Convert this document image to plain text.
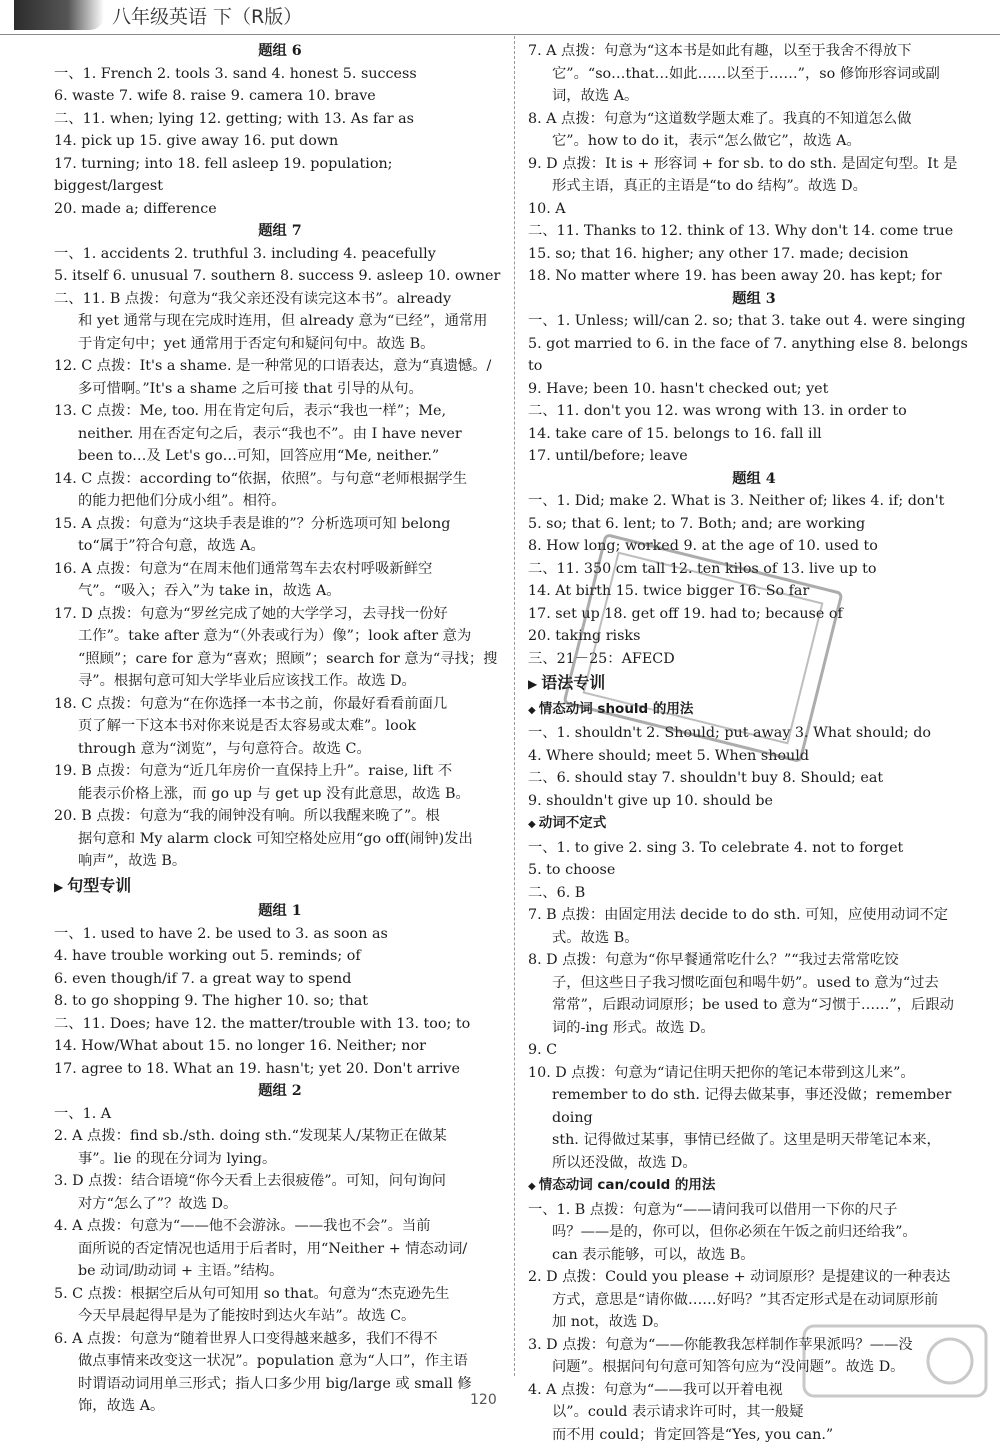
八年级英语 下（R版）
题组 6
一、1. French 2. tools 3. sand 4. honest 5. success
6. waste 7. wife 8. raise 9. camera 10. brave
二、11. when; lying 12. getting; with 13. As far as
14. pick up 15. give away 16. put down
17. turning; into 18. fell asleep 19. population; biggest/largest
20. made a; difference
题组 7
一、1. accidents 2. truthful 3. including 4. peacefully
5. itself 6. unusual 7. southern 8. success 9. asleep 10. owner
二、11. B 点拨：句意为“我父亲还没有读完这本书”。already
和 yet 通常与现在完成时连用，但 already 意为“已经”，通常用
于肯定句中；yet 通常用于否定句和疑问句中。故选 B。
12. C 点拨：It's a shame. 是一种常见的口语表达，意为“真遗憾。/
多可惜啊。”It's a shame 之后可接 that 引导的从句。
13. C 点拨：Me, too. 用在肯定句后，表示“我也一样”；Me,
neither. 用在否定句之后，表示“我也不”。由 I have never
been to…及 Let's go…可知，回答应用“Me, neither.”
14. C 点拨：according to“依据，依照”。与句意“老师根据学生
的能力把他们分成小组”。相符。
15. A 点拨：句意为“这块手表是谁的”？分析选项可知 belong
to“属于”符合句意，故选 A。
16. A 点拨：句意为“在周末他们通常驾车去农村呼吸新鲜空
气”。“吸入；吞入”为 take in，故选 A。
17. D 点拨：句意为“罗丝完成了她的大学学习，去寻找一份好
工作”。take after 意为“（外表或行为）像”；look after 意为
“照顾”；care for 意为“喜欢；照顾”；search for 意为“寻找；搜
寻”。根据句意可知大学毕业后应该找工作。故选 D。
18. C 点拨：句意为“在你选择一本书之前，你最好看看前面几
页了解一下这本书对你来说是否太容易或太难”。look
through 意为“浏览”，与句意符合。故选 C。
19. B 点拨：句意为“近几年房价一直保持上升”。raise, lift 不
能表示价格上涨，而 go up 与 get up 没有此意思，故选 B。
20. B 点拨：句意为“我的闹钟没有响。所以我醒来晚了”。根
据句意和 My alarm clock 可知空格处应用“go off(闹钟)发出
响声”，故选 B。
▶ 句型专训
题组 1
一、1. used to have 2. be used to 3. as soon as
4. have trouble working out 5. reminds; of
6. even though/if 7. a great way to spend
8. to go shopping 9. The higher 10. so; that
二、11. Does; have 12. the matter/trouble with 13. too; to
14. How/What about 15. no longer 16. Neither; nor
17. agree to 18. What an 19. hasn't; yet 20. Don't arrive
题组 2
一、1. A
2. A 点拨：find sb./sth. doing sth.“发现某人/某物正在做某
事”。lie 的现在分词为 lying。
3. D 点拨：结合语境“你今天看上去很疲倦”。可知，问句询问
对方“怎么了”？故选 D。
4. A 点拨：句意为“——他不会游泳。——我也不会”。当前
面所说的否定情况也适用于后者时，用“Neither + 情态动词/
be 动词/助动词 + 主语。”结构。
5. C 点拨：根据空后从句可知用 so that。句意为“杰克逊先生
今天早晨起得早是为了能按时到达火车站”。故选 C。
6. A 点拨：句意为“随着世界人口变得越来越多，我们不得不
做点事情来改变这一状况”。population 意为“人口”，作主语
时谓语动词用单三形式；指人口多少用 big/large 或 small 修
饰，故选 A。
7. A 点拨：句意为“这本书是如此有趣，以至于我舍不得放下
它”。“so…that…如此……以至于……”，so 修饰形容词或副
词，故选 A。
8. A 点拨：句意为“这道数学题太难了。我真的不知道怎么做
它”。how to do it，表示“怎么做它”，故选 A。
9. D 点拨：It is + 形容词 + for sb. to do sth. 是固定句型。It 是
形式主语，真正的主语是“to do 结构”。故选 D。
10. A
二、11. Thanks to 12. think of 13. Why don't 14. come true
15. so; that 16. higher; any other 17. made; decision
18. No matter where 19. has been away 20. has kept; for
题组 3
一、1. Unless; will/can 2. so; that 3. take out 4. were singing
5. got married to 6. in the face of 7. anything else 8. belongs to
9. Have; been 10. hasn't checked out; yet
二、11. don't you 12. was wrong with 13. in order to
14. take care of 15. belongs to 16. fall ill
17. until/before; leave
题组 4
一、1. Did; make 2. What is 3. Neither of; likes 4. if; don't
5. so; that 6. lent; to 7. Both; and; are working
8. How long; worked 9. at the age of 10. used to
二、11. 350 cm tall 12. ten kilos of 13. live up to
14. At birth 15. twice bigger 16. So far
17. set up 18. get off 19. had to; because of
20. taking risks
三、21－25：AFECD
▶ 语法专训
◆ 情态动词 should 的用法
一、1. shouldn't 2. Should; put away 3. What should; do
4. Where should; meet 5. When should
二、6. should stay 7. shouldn't buy 8. Should; eat
9. shouldn't give up 10. should be
◆ 动词不定式
一、1. to give 2. sing 3. To celebrate 4. not to forget
5. to choose
二、6. B
7. B 点拨：由固定用法 decide to do sth. 可知，应使用动词不定
式。故选 B。
8. D 点拨：句意为“你早餐通常吃什么？”“我过去常常吃饺
子，但这些日子我习惯吃面包和喝牛奶”。used to 意为“过去
常常”，后跟动词原形；be used to 意为“习惯于……”，后跟动
词的-ing 形式。故选 D。
9. C
10. D 点拨：句意为“请记住明天把你的笔记本带到这儿来”。
remember to do sth. 记得去做某事，事还没做；remember doing
sth. 记得做过某事，事情已经做了。这里是明天带笔记本来，
所以还没做，故选 D。
◆ 情态动词 can/could 的用法
一、1. B 点拨：句意为“——请问我可以借用一下你的尺子
吗？——是的，你可以，但你必须在午饭之前归还给我”。
can 表示能够，可以，故选 B。
2. D 点拨：Could you please + 动词原形？是提建议的一种表达
方式，意思是“请你做……好吗？”其否定形式是在动词原形前
加 not，故选 D。
3. D 点拨：句意为“——你能教我怎样制作苹果派吗？——没
问题”。根据问句句意可知答句应为“没问题”。故选 D。
4. A 点拨：句意为“——我可以开着电视
以”。could 表示请求许可时，其一般疑
而不用 could；肯定回答是“Yes, you can.”
120
